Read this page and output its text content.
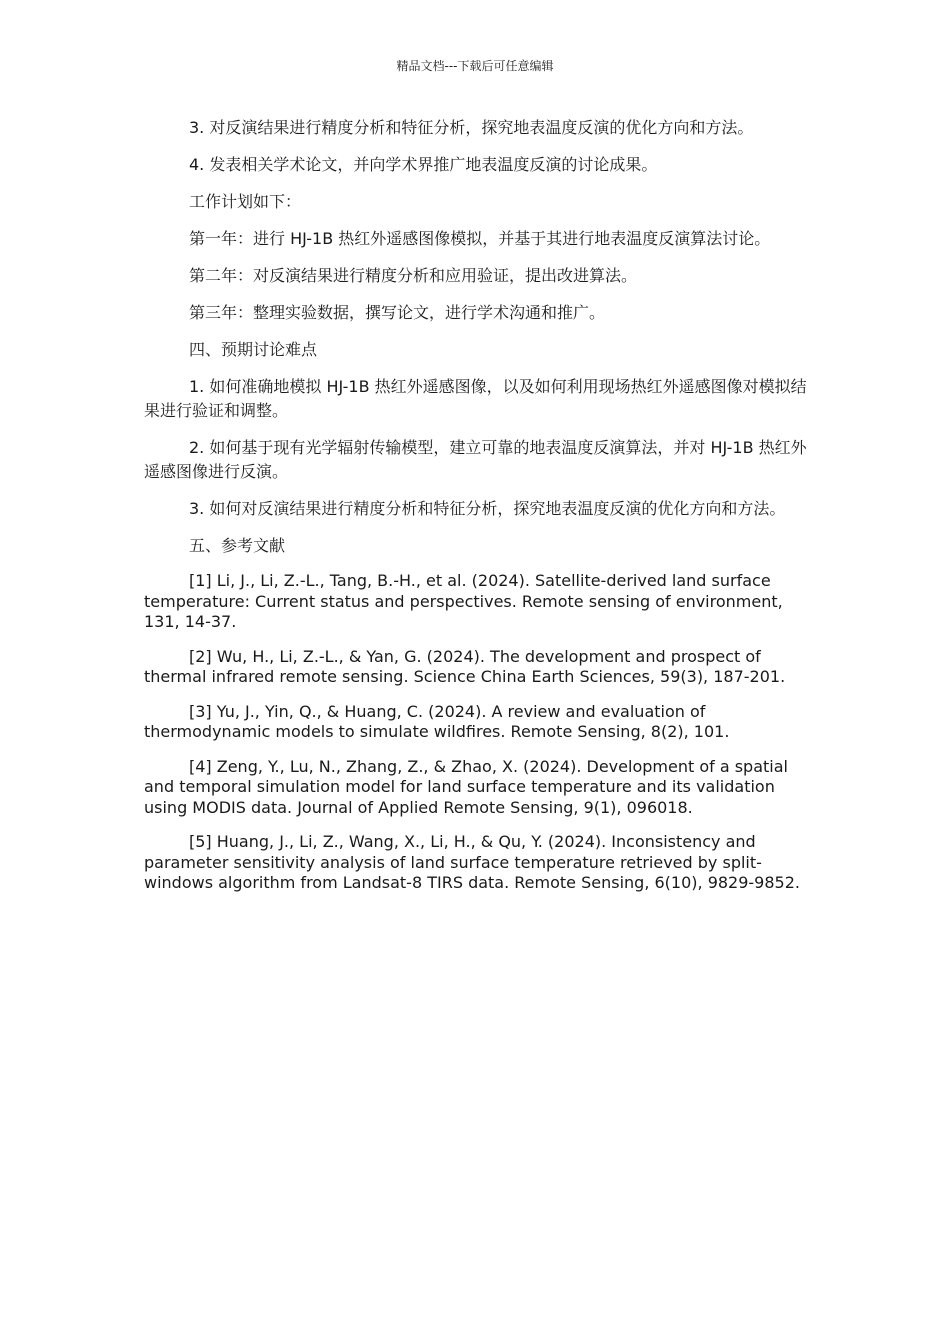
精品文档---下载后可任意编辑

3. 对反演结果进行精度分析和特征分析，探究地表温度反演的优化方向和方法。

4. 发表相关学术论文，并向学术界推广地表温度反演的讨论成果。

工作计划如下：

第一年：进行 HJ-1B 热红外遥感图像模拟，并基于其进行地表温度反演算法讨论。

第二年：对反演结果进行精度分析和应用验证，提出改进算法。

第三年：整理实验数据，撰写论文，进行学术沟通和推广。

四、预期讨论难点

1. 如何准确地模拟 HJ-1B 热红外遥感图像，以及如何利用现场热红外遥感图像对模拟结果进行验证和调整。

2. 如何基于现有光学辐射传输模型，建立可靠的地表温度反演算法，并对 HJ-1B 热红外遥感图像进行反演。

3. 如何对反演结果进行精度分析和特征分析，探究地表温度反演的优化方向和方法。

五、参考文献

[1] Li, J., Li, Z.-L., Tang, B.-H., et al. (2024). Satellite-derived land surface temperature: Current status and perspectives. Remote sensing of environment, 131, 14-37.

[2] Wu, H., Li, Z.-L., & Yan, G. (2024). The development and prospect of thermal infrared remote sensing. Science China Earth Sciences, 59(3), 187-201.

[3] Yu, J., Yin, Q., & Huang, C. (2024). A review and evaluation of thermodynamic models to simulate wildfires. Remote Sensing, 8(2), 101.

[4] Zeng, Y., Lu, N., Zhang, Z., & Zhao, X. (2024). Development of a spatial and temporal simulation model for land surface temperature and its validation using MODIS data. Journal of Applied Remote Sensing, 9(1), 096018.

[5] Huang, J., Li, Z., Wang, X., Li, H., & Qu, Y. (2024). Inconsistency and parameter sensitivity analysis of land surface temperature retrieved by split-windows algorithm from Landsat-8 TIRS data. Remote Sensing, 6(10), 9829-9852.
